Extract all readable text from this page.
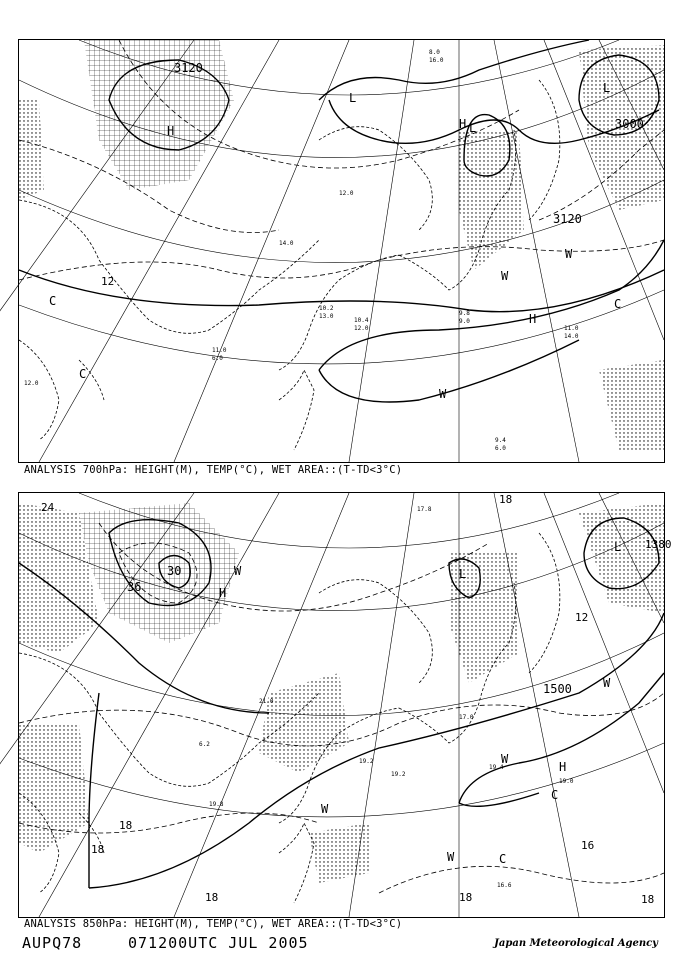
8.0
16.0
10.4
12.0	11.0
14.0
9.4
6.0
9.8
9.0
11.0
6.0
12.0
14.0
10.2
13.0
12.0
3120
3000
3120
12
H
L
H
L
C
C
W
W
W
H
C
L
ANALYSIS 700hPa: HEIGHT(M), TEMP(°C), WET AREA::(T-TD<3°C)
17.8
19.2
19.4
19.8
19.0
16.6
17.0
21.0
19.2
6.2
1500
1380
24
36
30
12
18
18
18	18	18
18
16
H
W
L
W
W
H
C
W
C
W
L
ANALYSIS 850hPa: HEIGHT(M), TEMP(°C), WET AREA::(T-TD<3°C)
AUPQ78	071200UTC JUL 2005	Japan Meteorological Agency
